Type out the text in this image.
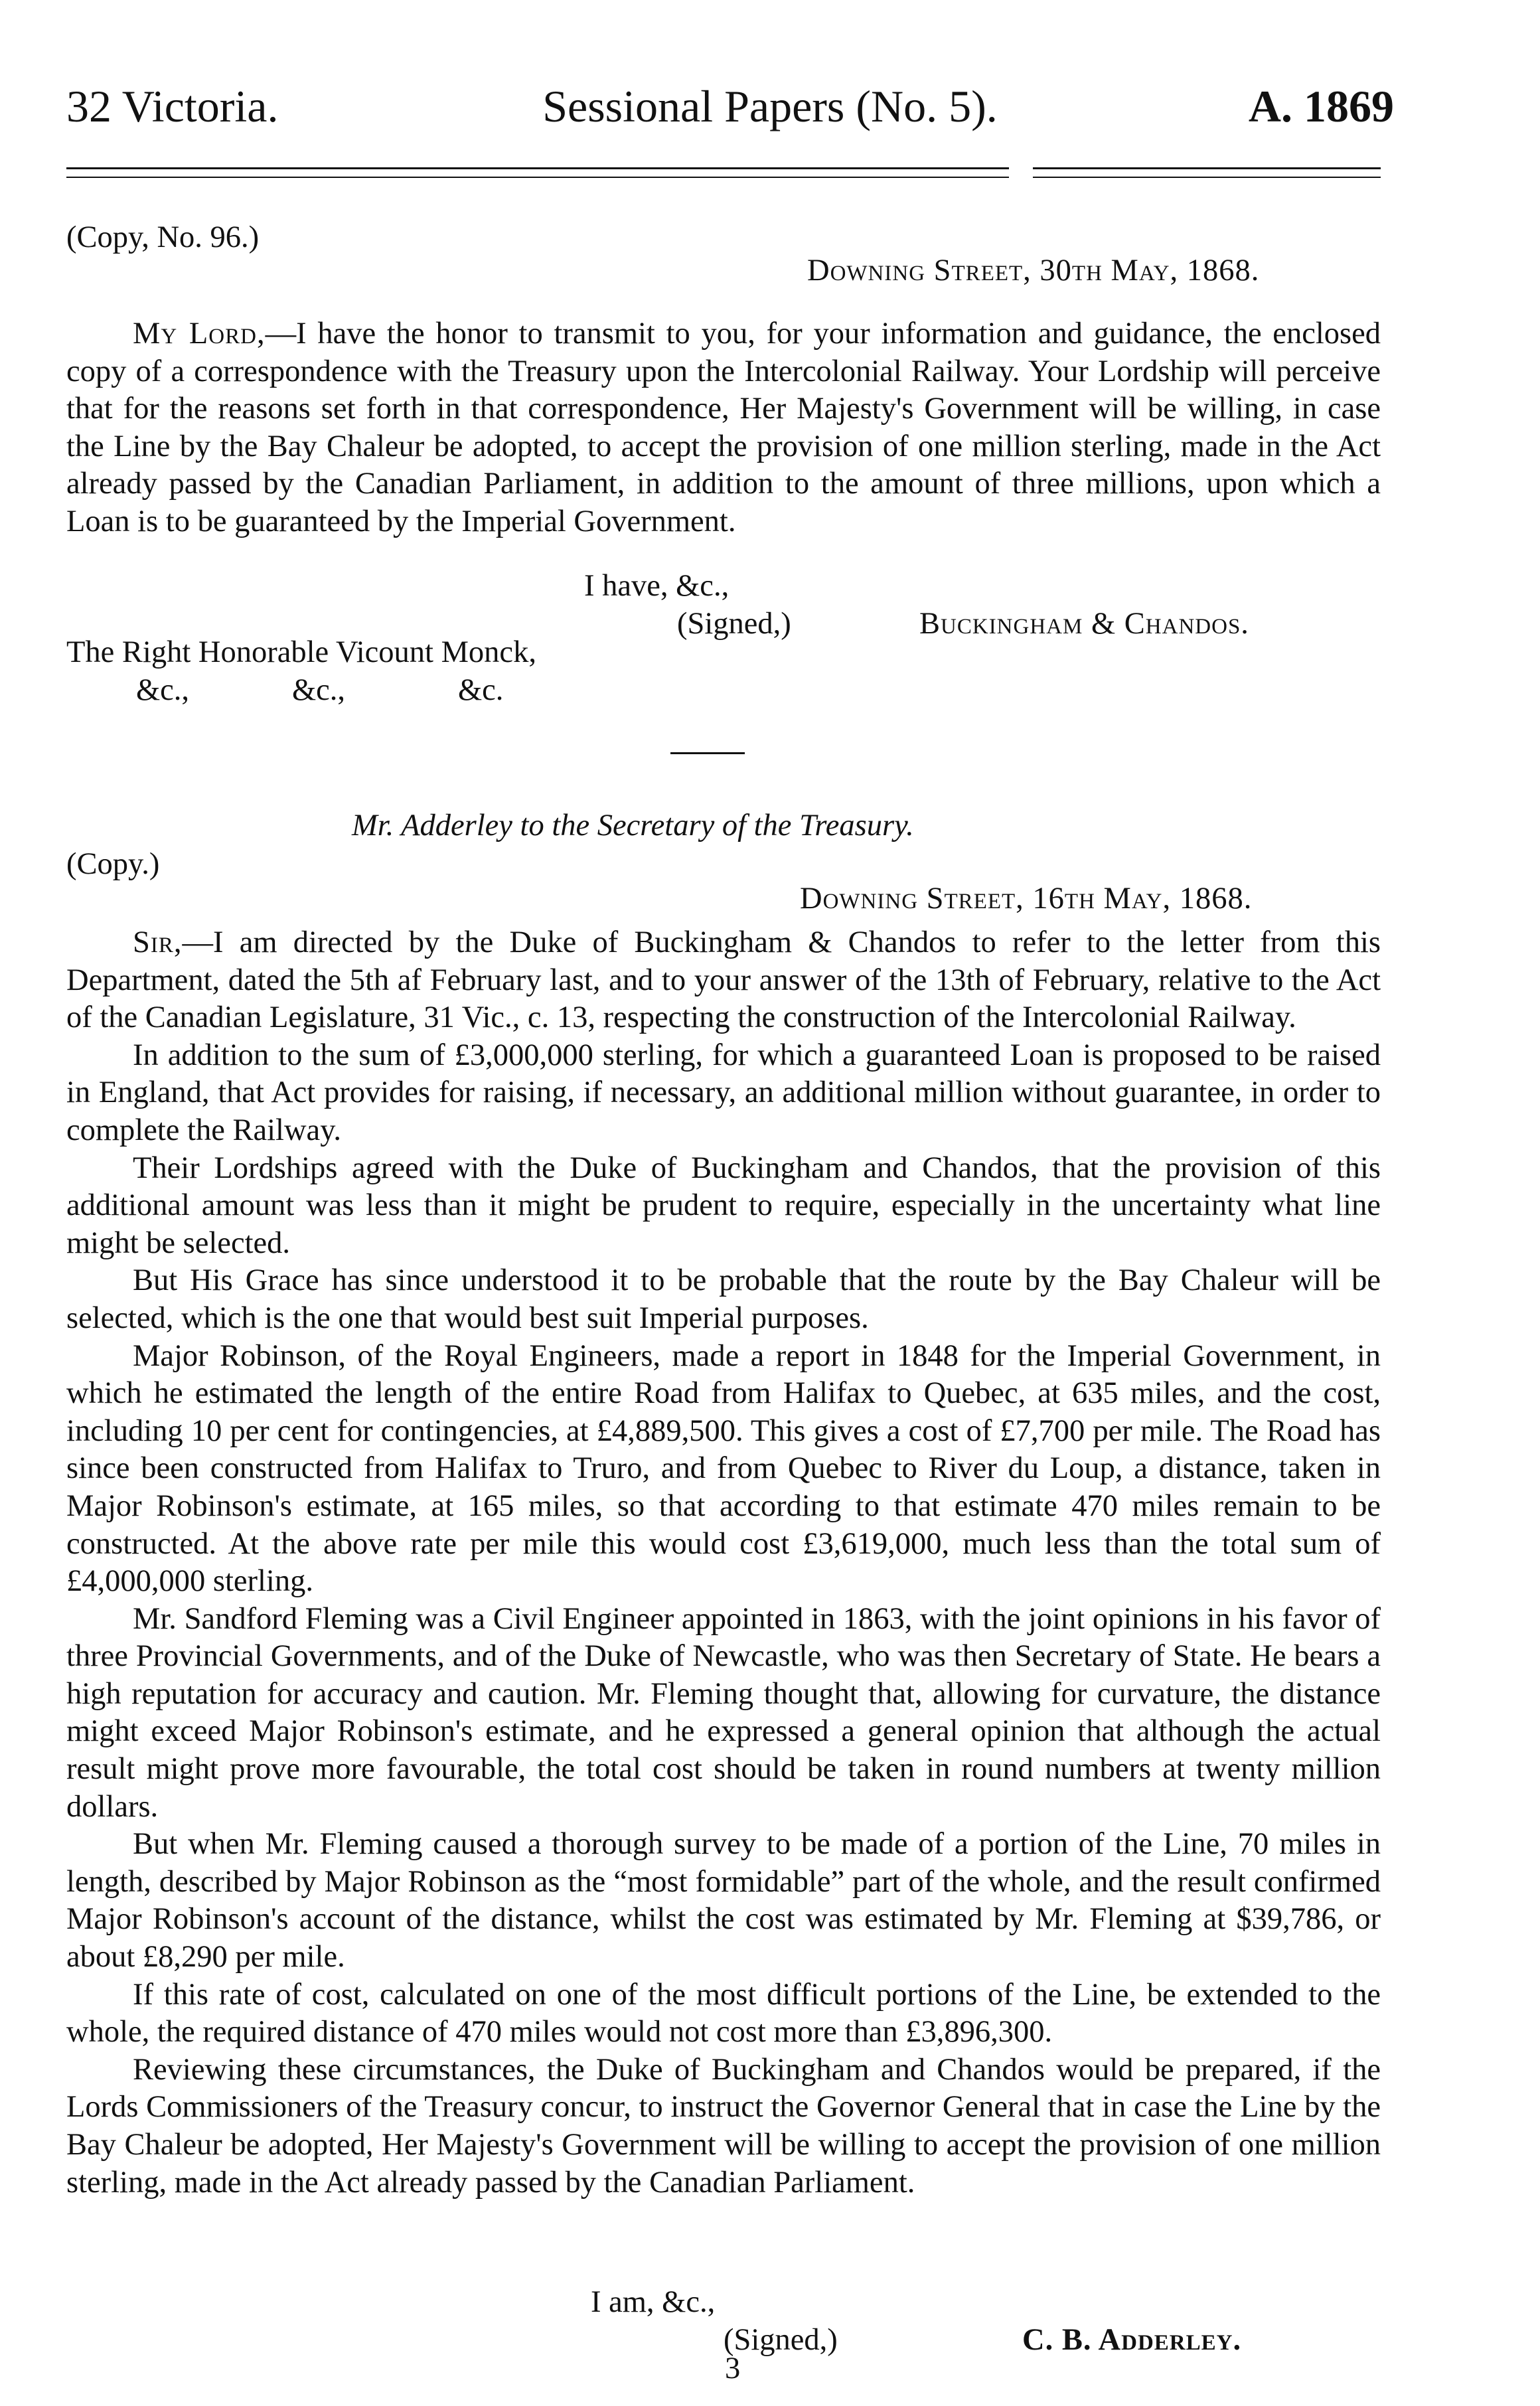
32 Victoria.	Sessional Papers (No. 5).	A. 1869
(Copy, No. 96.)
Downing Street, 30th May, 1868.

My Lord,—I have the honor to transmit to you, for your information and guidance, the enclosed copy of a correspondence with the Treasury upon the Intercolonial Railway. Your Lordship will perceive that for the reasons set forth in that correspondence, Her Majesty's Government will be willing, in case the Line by the Bay Chaleur be adopted, to accept the provision of one million sterling, made in the Act already passed by the Canadian Parliament, in addition to the amount of three millions, upon which a Loan is to be guaranteed by the Imperial Government.

I have, &c.,
(Signed,)	Buckingham & Chandos.
The Right Honorable Vicount Monck,
&c.,	&c.,	&c.
Mr. Adderley to the Secretary of the Treasury.
(Copy.)
Downing Street, 16th May, 1868.

Sir,—I am directed by the Duke of Buckingham & Chandos to refer to the letter from this Department, dated the 5th af February last, and to your answer of the 13th of February, relative to the Act of the Canadian Legislature, 31 Vic., c. 13, respecting the construction of the Intercolonial Railway.

In addition to the sum of £3,000,000 sterling, for which a guaranteed Loan is proposed to be raised in England, that Act provides for raising, if necessary, an additional million without guarantee, in order to complete the Railway.

Their Lordships agreed with the Duke of Buckingham and Chandos, that the provision of this additional amount was less than it might be prudent to require, especially in the uncertainty what line might be selected.

But His Grace has since understood it to be probable that the route by the Bay Chaleur will be selected, which is the one that would best suit Imperial purposes.

Major Robinson, of the Royal Engineers, made a report in 1848 for the Imperial Government, in which he estimated the length of the entire Road from Halifax to Quebec, at 635 miles, and the cost, including 10 per cent for contingencies, at £4,889,500. This gives a cost of £7,700 per mile. The Road has since been constructed from Halifax to Truro, and from Quebec to River du Loup, a distance, taken in Major Robinson's estimate, at 165 miles, so that according to that estimate 470 miles remain to be constructed. At the above rate per mile this would cost £3,619,000, much less than the total sum of £4,000,000 sterling.

Mr. Sandford Fleming was a Civil Engineer appointed in 1863, with the joint opinions in his favor of three Provincial Governments, and of the Duke of Newcastle, who was then Secretary of State. He bears a high reputation for accuracy and caution. Mr. Fleming thought that, allowing for curvature, the distance might exceed Major Robinson's estimate, and he expressed a general opinion that although the actual result might prove more favourable, the total cost should be taken in round numbers at twenty million dollars.

But when Mr. Fleming caused a thorough survey to be made of a portion of the Line, 70 miles in length, described by Major Robinson as the “most formidable” part of the whole, and the result confirmed Major Robinson's account of the distance, whilst the cost was estimated by Mr. Fleming at $39,786, or about £8,290 per mile.

If this rate of cost, calculated on one of the most difficult portions of the Line, be extended to the whole, the required distance of 470 miles would not cost more than £3,896,300.

Reviewing these circumstances, the Duke of Buckingham and Chandos would be prepared, if the Lords Commissioners of the Treasury concur, to instruct the Governor General that in case the Line by the Bay Chaleur be adopted, Her Majesty's Government will be willing to accept the provision of one million sterling, made in the Act already passed by the Canadian Parliament.

I am, &c.,
(Signed,)	C. B. Adderley.
3
